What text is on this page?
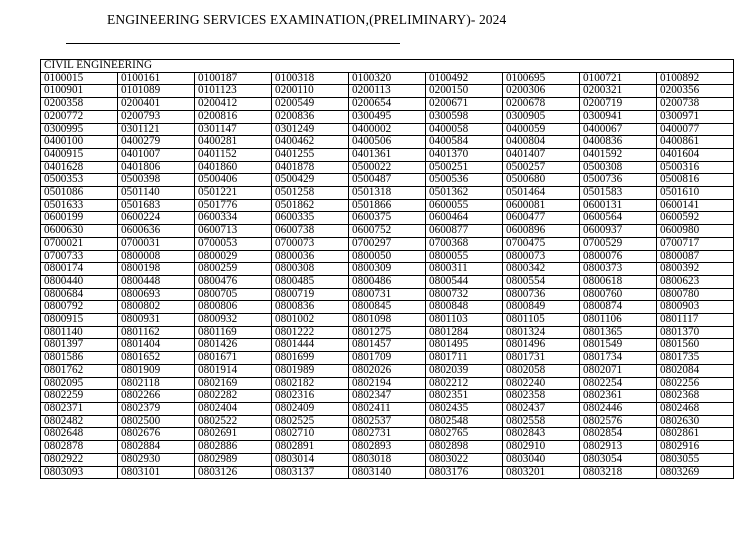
ENGINEERING SERVICES EXAMINATION,(PRELIMINARY)- 2024
CIVIL ENGINEERING								
0100015	0100161	0100187	0100318	0100320	0100492	0100695	0100721	0100892
0100901	0101089	0101123	0200110	0200113	0200150	0200306	0200321	0200356
0200358	0200401	0200412	0200549	0200654	0200671	0200678	0200719	0200738
0200772	0200793	0200816	0200836	0300495	0300598	0300905	0300941	0300971
0300995	0301121	0301147	0301249	0400002	0400058	0400059	0400067	0400077
0400100	0400279	0400281	0400462	0400506	0400584	0400804	0400836	0400861
0400915	0401007	0401152	0401255	0401361	0401370	0401407	0401592	0401604
0401628	0401806	0401860	0401878	0500022	0500251	0500257	0500308	0500316
0500353	0500398	0500406	0500429	0500487	0500536	0500680	0500736	0500816
0501086	0501140	0501221	0501258	0501318	0501362	0501464	0501583	0501610
0501633	0501683	0501776	0501862	0501866	0600055	0600081	0600131	0600141
0600199	0600224	0600334	0600335	0600375	0600464	0600477	0600564	0600592
0600630	0600636	0600713	0600738	0600752	0600877	0600896	0600937	0600980
0700021	0700031	0700053	0700073	0700297	0700368	0700475	0700529	0700717
0700733	0800008	0800029	0800036	0800050	0800055	0800073	0800076	0800087
0800174	0800198	0800259	0800308	0800309	0800311	0800342	0800373	0800392
0800440	0800448	0800476	0800485	0800486	0800544	0800554	0800618	0800623
0800684	0800693	0800705	0800719	0800731	0800732	0800736	0800760	0800780
0800792	0800802	0800806	0800836	0800845	0800848	0800849	0800874	0800903
0800915	0800931	0800932	0801002	0801098	0801103	0801105	0801106	0801117
0801140	0801162	0801169	0801222	0801275	0801284	0801324	0801365	0801370
0801397	0801404	0801426	0801444	0801457	0801495	0801496	0801549	0801560
0801586	0801652	0801671	0801699	0801709	0801711	0801731	0801734	0801735
0801762	0801909	0801914	0801989	0802026	0802039	0802058	0802071	0802084
0802095	0802118	0802169	0802182	0802194	0802212	0802240	0802254	0802256
0802259	0802266	0802282	0802316	0802347	0802351	0802358	0802361	0802368
0802371	0802379	0802404	0802409	0802411	0802435	0802437	0802446	0802468
0802482	0802500	0802522	0802525	0802537	0802548	0802558	0802576	0802630
0802648	0802676	0802691	0802710	0802731	0802765	0802843	0802854	0802861
0802878	0802884	0802886	0802891	0802893	0802898	0802910	0802913	0802916
0802922	0802930	0802989	0803014	0803018	0803022	0803040	0803054	0803055
0803093	0803101	0803126	0803137	0803140	0803176	0803201	0803218	0803269
